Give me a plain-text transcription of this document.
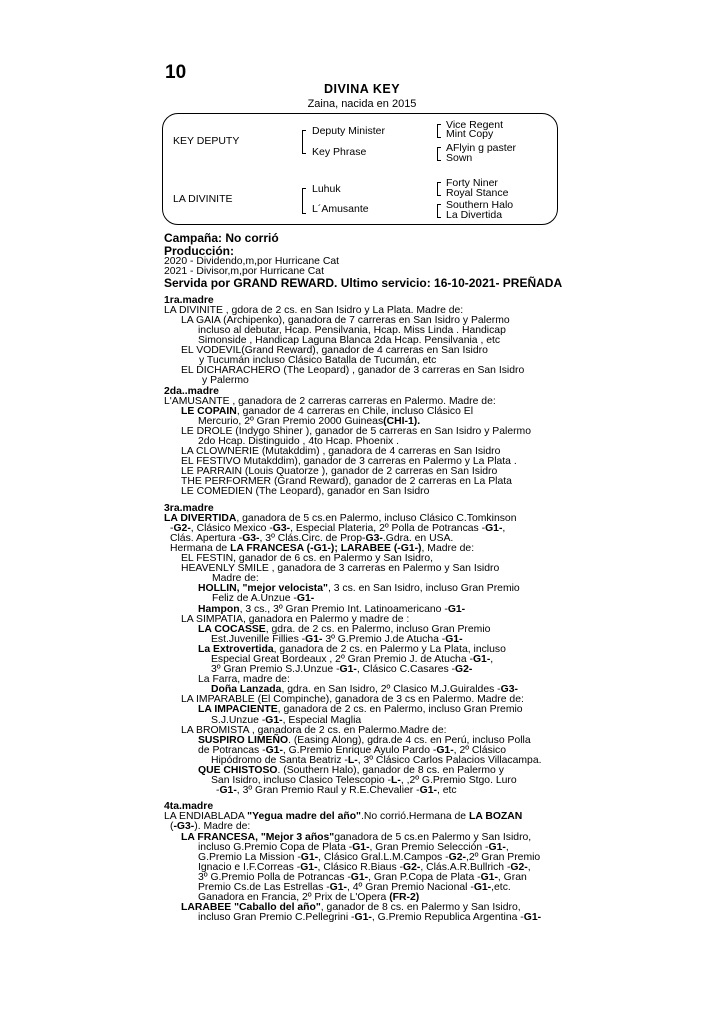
10
DIVINA KEY
Zaina, nacida en 2015
KEY DEPUTY
LA DIVINITE
Deputy Minister
Key Phrase
Luhuk
L´Amusante
Vice Regent
Mint Copy
AFlyin g paster
Sown
Forty Niner
Royal Stance
Southern Halo
La Divertida
Campaña: No corrió
Producción:
2020 - Dividendo,m,por Hurricane Cat
2021 - Divisor,m,por Hurricane Cat
Servida por GRAND REWARD. Ultimo servicio: 16-10-2021- PREÑADA
1ra.madre
LA DIVINITE , gdora de 2 cs. en San Isidro y La Plata. Madre de:
LA GAIA (Archipenko), ganadora de 7 carreras en San Isidro y Palermo
incluso al debutar, Hcap. Pensilvania, Hcap. Miss Linda . Handicap
Simonside , Handicap Laguna Blanca 2da Hcap. Pensilvania , etc
EL VODEVIL(Grand Reward), ganador de 4 carreras en San Isidro
y Tucumán incluso Clásico Batalla de Tucumán, etc
EL DICHARACHERO (The Leopard) , ganador de 3 carreras en San Isidro
y Palermo
2da..madre
L'AMUSANTE , ganadora de 2 carreras carreras en Palermo. Madre de:
LE COPAIN, ganador de 4 carreras en Chile, incluso Clásico El
Mercurio, 2º Gran Premio 2000 Guineas(CHI-1).
LE DROLE (Indygo Shiner ), ganador de 5 carreras en San Isidro y Palermo
2do Hcap. Distinguido , 4to Hcap. Phoenix .
LA CLOWNERIE (Mutakddim) , ganadora de 4 carreras en San Isidro
EL FESTIVO Mutakddim), ganador de 3 carreras en Palermo y La Plata .
LE PARRAIN (Louis Quatorze ), ganador de 2 carreras en San Isidro
THE PERFORMER (Grand Reward), ganador de 2 carreras en La Plata
LE COMEDIEN (The Leopard), ganador en San Isidro
3ra.madre
LA DIVERTIDA, ganadora de 5 cs.en Palermo, incluso Clásico C.Tomkinson
-G2-, Clásico Mexico -G3-, Especial Plateria, 2º Polla de Potrancas -G1-,
Clás. Apertura -G3-, 3º Clás.Circ. de Prop-G3-.Gdra. en USA.
Hermana de LA FRANCESA (-G1-); LARABEE (-G1-), Madre de:
EL FESTIN, ganador de 6 cs. en Palermo y San Isidro,
HEAVENLY SMILE , ganadora de 3 carreras en Palermo y San Isidro
Madre de:
HOLLIN, "mejor velocista", 3 cs. en San Isidro, incluso Gran Premio
Feliz de A.Unzue -G1-
Hampon, 3 cs., 3º Gran Premio Int. Latinoamericano -G1-
LA SIMPATIA, ganadora en Palermo y madre de :
LA COCASSE, gdra. de 2 cs. en Palermo, incluso Gran Premio
Est.Juvenille Fillies -G1- 3º G.Premio J.de Atucha -G1-
La Extrovertida, ganadora de 2 cs. en Palermo y La Plata, incluso
Especial Great Bordeaux , 2º Gran Premio J. de Atucha -G1-,
3º Gran Premio S.J.Unzue -G1-, Clásico C.Casares -G2-
La Farra, madre de:
Doña Lanzada, gdra. en San Isidro, 2º Clasico M.J.Guiraldes -G3-
LA IMPARABLE (El Compinche), ganadora de 3 cs en Palermo. Madre de:
LA IMPACIENTE, ganadora de 2 cs. en Palermo, incluso Gran Premio
S.J.Unzue -G1-, Especial Maglia
LA BROMISTA , ganadora de 2 cs. en Palermo.Madre de:
SUSPIRO LIMEÑO. (Easing Along), gdra.de 4 cs. en Perú, incluso Polla
de Potrancas -G1-, G.Premio Enrique Ayulo Pardo -G1-, 2º Clásico
Hipódromo de Santa Beatriz -L-, 3º Clásico Carlos Palacios Villacampa.
QUE CHISTOSO. (Southern Halo), ganador de 8 cs. en Palermo y
San Isidro, incluso Clasico Telescopio -L-, ,2º G.Premio Stgo. Luro
-G1-, 3º Gran Premio Raul y R.E.Chevalier -G1-, etc
4ta.madre
LA ENDIABLADA "Yegua madre del año".No corrió.Hermana de LA BOZAN
(-G3-). Madre de:
LA FRANCESA, "Mejor 3 años"ganadora de 5 cs.en Palermo y San Isidro,
incluso G.Premio Copa de Plata -G1-, Gran Premio Selección -G1-,
G.Premio La Mission -G1-, Clásico Gral.L.M.Campos -G2-,2º Gran Premio
Ignacio e I.F.Correas -G1-, Clásico R.Biaus -G2-, Clás.A.R.Bullrich -G2-,
3º G.Premio Polla de Potrancas -G1-, Gran P.Copa de Plata -G1-, Gran
Premio Cs.de Las Estrellas -G1-, 4º Gran Premio Nacional -G1-,etc.
Ganadora en Francia, 2º Prix de L'Opera (FR-2)
LARABEE "Caballo del año", ganador de 8 cs. en Palermo y San Isidro,
incluso Gran Premio C.Pellegrini -G1-, G.Premio Republica Argentina -G1-
